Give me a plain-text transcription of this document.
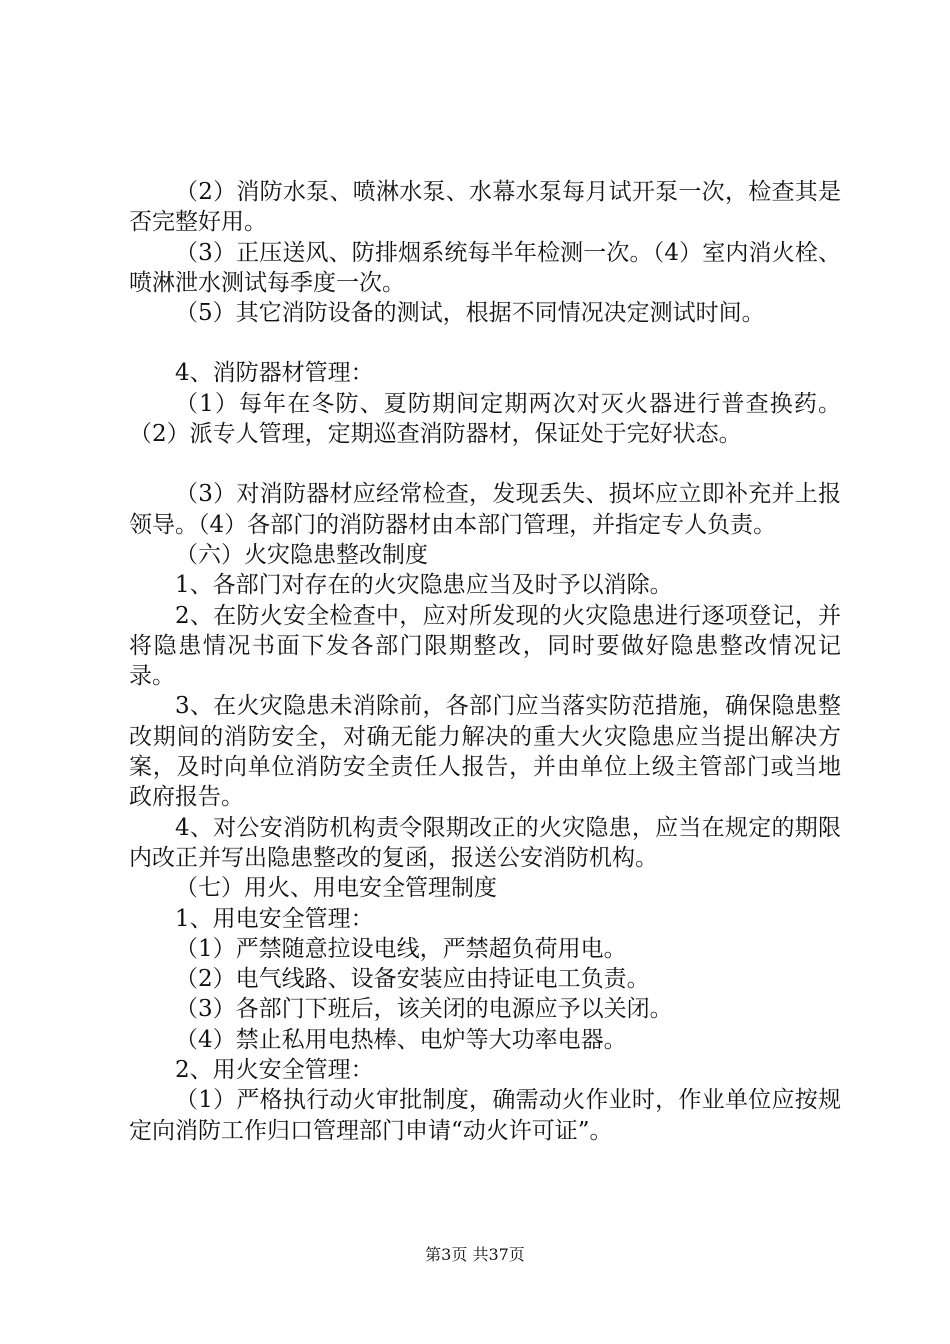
（2）消防水泵、喷淋水泵、水幕水泵每月试开泵一次，检查其是否完整好用。

（3）正压送风、防排烟系统每半年检测一次。（4）室内消火栓、喷淋泄水测试每季度一次。

（5）其它消防设备的测试，根据不同情况决定测试时间。

4、消防器材管理：

（1）每年在冬防、夏防期间定期两次对灭火器进行普查换药。（2）派专人管理，定期巡查消防器材，保证处于完好状态。

（3）对消防器材应经常检查，发现丢失、损坏应立即补充并上报领导。（4）各部门的消防器材由本部门管理，并指定专人负责。

（六）火灾隐患整改制度

1、各部门对存在的火灾隐患应当及时予以消除。

2、在防火安全检查中，应对所发现的火灾隐患进行逐项登记，并将隐患情况书面下发各部门限期整改，同时要做好隐患整改情况记录。

3、在火灾隐患未消除前，各部门应当落实防范措施，确保隐患整改期间的消防安全，对确无能力解决的重大火灾隐患应当提出解决方案，及时向单位消防安全责任人报告，并由单位上级主管部门或当地政府报告。

4、对公安消防机构责令限期改正的火灾隐患，应当在规定的期限内改正并写出隐患整改的复函，报送公安消防机构。

（七）用火、用电安全管理制度

1、用电安全管理：

（1）严禁随意拉设电线，严禁超负荷用电。

（2）电气线路、设备安装应由持证电工负责。

（3）各部门下班后，该关闭的电源应予以关闭。

（4）禁止私用电热棒、电炉等大功率电器。

2、用火安全管理：

（1）严格执行动火审批制度，确需动火作业时，作业单位应按规定向消防工作归口管理部门申请“动火许可证”。

第3页 共37页
